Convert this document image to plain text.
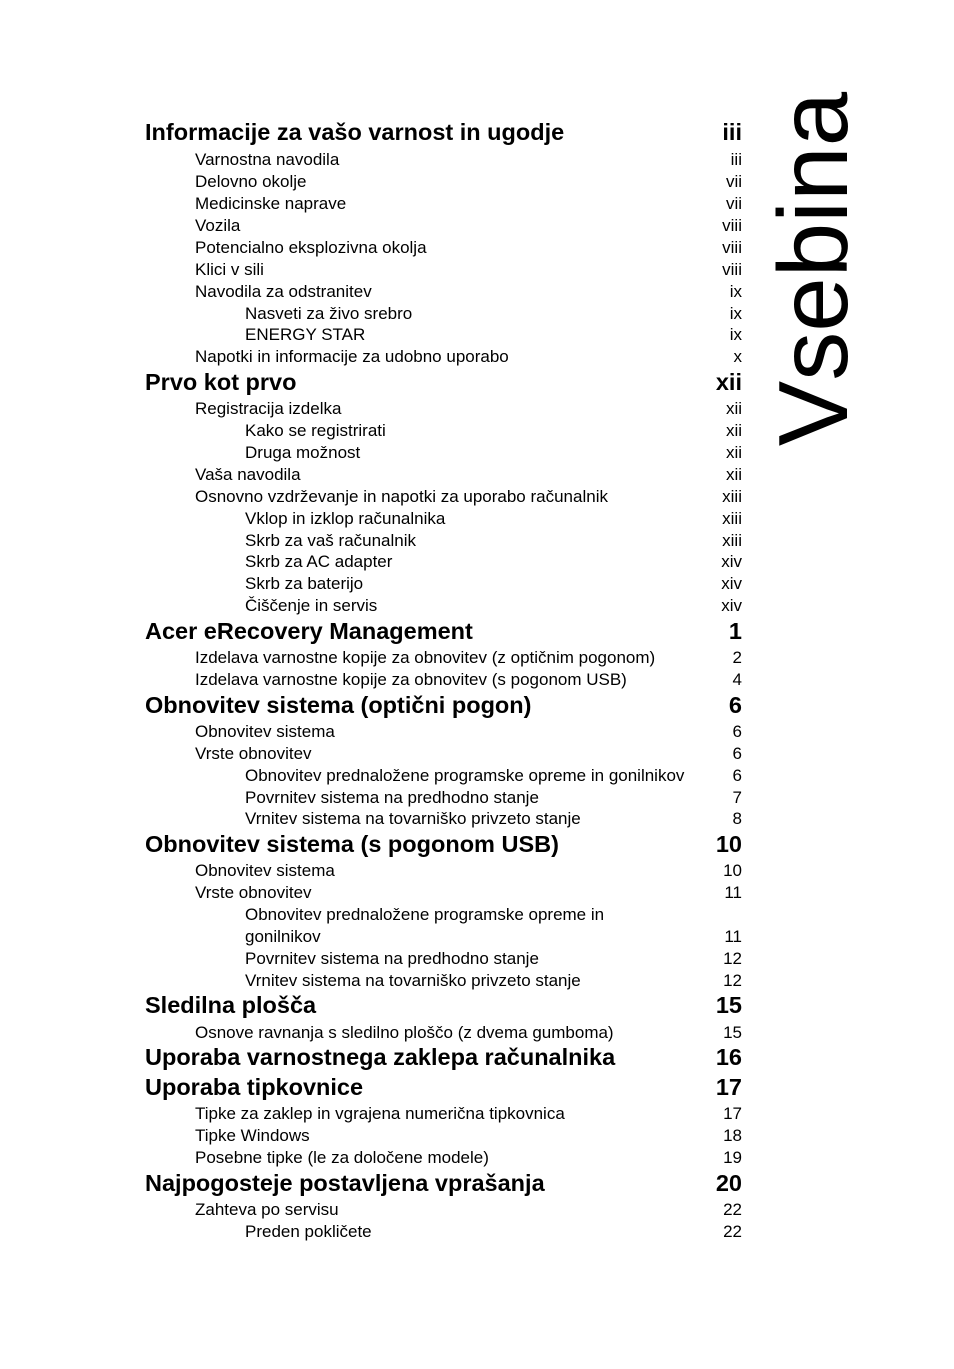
Vsebina
Informacije za vašo varnost in ugodje	iii
Varnostna navodila	iii
Delovno okolje	vii
Medicinske naprave	vii
Vozila	viii
Potencialno eksplozivna okolja	viii
Klici v sili	viii
Navodila za odstranitev	ix
Nasveti za živo srebro	ix
ENERGY STAR	ix
Napotki in informacije za udobno uporabo	x
Prvo kot prvo	xii
Registracija izdelka	xii
Kako se registrirati	xii
Druga možnost	xii
Vaša navodila	xii
Osnovno vzdrževanje in napotki za uporabo računalnik	xiii
Vklop in izklop računalnika	xiii
Skrb za vaš računalnik	xiii
Skrb za AC adapter	xiv
Skrb za baterijo	xiv
Čiščenje in servis	xiv
Acer eRecovery Management	1
Izdelava varnostne kopije za obnovitev (z optičnim pogonom)	2
Izdelava varnostne kopije za obnovitev (s pogonom USB)	4
Obnovitev sistema (optični pogon)	6
Obnovitev sistema	6
Vrste obnovitev	6
Obnovitev prednaložene programske opreme in gonilnikov	6
Povrnitev sistema na predhodno stanje	7
Vrnitev sistema na tovarniško privzeto stanje	8
Obnovitev sistema (s pogonom USB)	10
Obnovitev sistema	10
Vrste obnovitev	11
Obnovitev prednaložene programske opreme in
gonilnikov	11
Povrnitev sistema na predhodno stanje	12
Vrnitev sistema na tovarniško privzeto stanje	12
Sledilna plošča	15
Osnove ravnanja s sledilno ploščo (z dvema gumboma)	15
Uporaba varnostnega zaklepa računalnika	16
Uporaba tipkovnice	17
Tipke za zaklep in vgrajena numerična tipkovnica	17
Tipke Windows	18
Posebne tipke (le za določene modele)	19
Najpogosteje postavljena vprašanja	20
Zahteva po servisu	22
Preden pokličete	22
